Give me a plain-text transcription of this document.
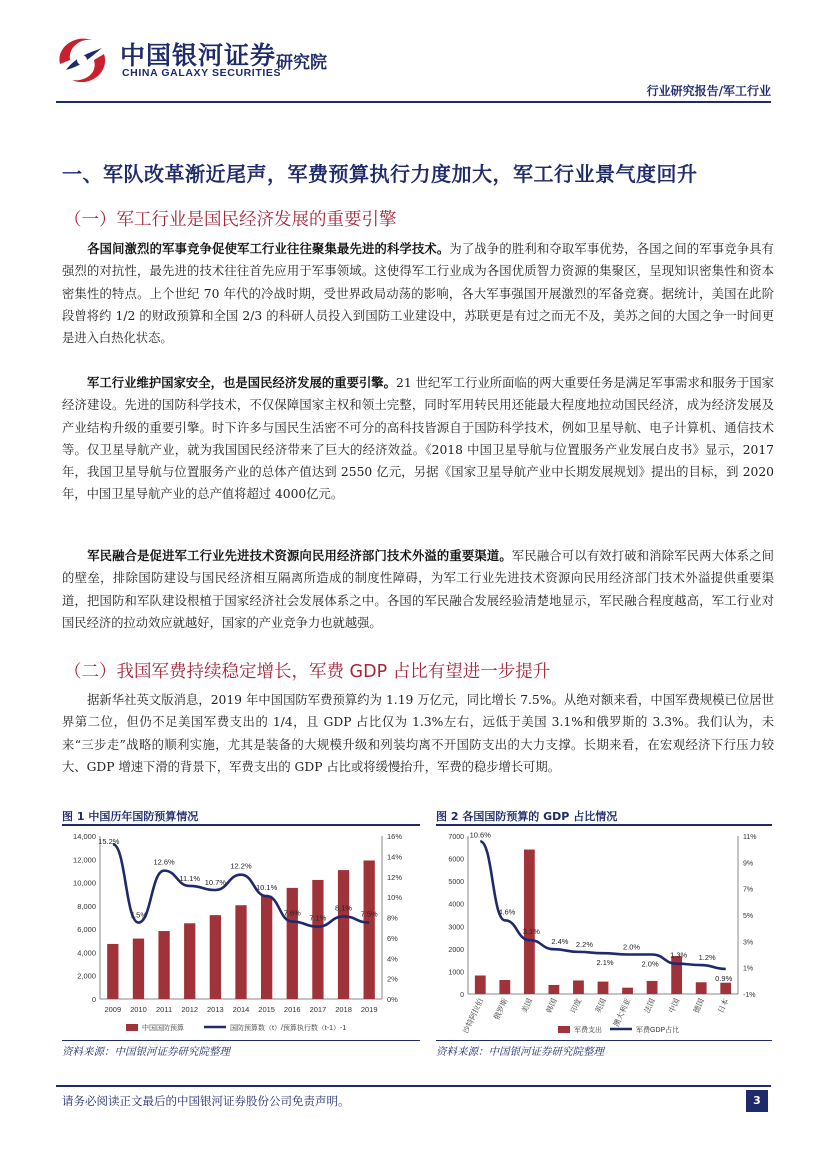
中国银河证券
CHINA GALAXY SECURITIES
研究院
行业研究报告/军工行业
一、军队改革渐近尾声，军费预算执行力度加大，军工行业景气度回升
（一）军工行业是国民经济发展的重要引擎
各国间激烈的军事竞争促使军工行业往往聚集最先进的科学技术。为了战争的胜利和夺取军事优势，各国之间的军事竞争具有强烈的对抗性，最先进的技术往往首先应用于军事领域。这使得军工行业成为各国优质智力资源的集聚区，呈现知识密集性和资本密集性的特点。上个世纪 70 年代的冷战时期，受世界政局动荡的影响，各大军事强国开展激烈的军备竞赛。据统计，美国在此阶段曾将约 1/2 的财政预算和全国 2/3 的科研人员投入到国防工业建设中，苏联更是有过之而无不及，美苏之间的大国之争一时间更是进入白热化状态。
军工行业维护国家安全，也是国民经济发展的重要引擎。21 世纪军工行业所面临的两大重要任务是满足军事需求和服务于国家经济建设。先进的国防科学技术，不仅保障国家主权和领土完整，同时军用转民用还能最大程度地拉动国民经济，成为经济发展及产业结构升级的重要引擎。时下许多与国民生活密不可分的高科技皆源自于国防科学技术，例如卫星导航、电子计算机、通信技术等。仅卫星导航产业，就为我国国民经济带来了巨大的经济效益。《2018 中国卫星导航与位置服务产业发展白皮书》显示，2017 年，我国卫星导航与位置服务产业的总体产值达到 2550 亿元，另据《国家卫星导航产业中长期发展规划》提出的目标，到 2020 年，中国卫星导航产业的总产值将超过 4000亿元。
军民融合是促进军工行业先进技术资源向民用经济部门技术外溢的重要渠道。军民融合可以有效打破和消除军民两大体系之间的壁垒，排除国防建设与国民经济相互隔离所造成的制度性障碍，为军工行业先进技术资源向民用经济部门技术外溢提供重要渠道，把国防和军队建设根植于国家经济社会发展体系之中。各国的军民融合发展经验清楚地显示，军民融合程度越高，军工行业对国民经济的拉动效应就越好，国家的产业竞争力也就越强。
（二）我国军费持续稳定增长，军费 GDP 占比有望进一步提升
据新华社英文版消息，2019 年中国国防军费预算约为 1.19 万亿元，同比增长 7.5%。从绝对额来看，中国军费规模已位居世界第二位，但仍不足美国军费支出的 1/4，且 GDP 占比仅为 1.3%左右，远低于美国 3.1%和俄罗斯的 3.3%。我们认为，未来“三步走”战略的顺利实施，尤其是装备的大规模升级和列装均离不开国防支出的大力支撑。长期来看，在宏观经济下行压力较大、GDP 增速下滑的背景下，军费支出的 GDP 占比或将缓慢抬升，军费的稳步增长可期。
图 1 中国历年国防预算情况
0
2,000
4,000
6,000
8,000
10,000
12,000
14,000
0%
2%
4%
6%
8%
10%
12%
14%
16%
2009 2010 2011 2012 2013 2014 2015 2016 2017 2018 2019
15.2%
7.5%
12.6%
11.1% 10.7%
12.2%
10.1%
7.6%
7.1%
8.1%
7.5%
中国国防预算	国防预算数（t）/预算执行数（t-1）-1
资料来源：中国银河证券研究院整理
图 2 各国国防预算的 GDP 占比情况
0
1000
2000
3000
4000
5000
6000
7000
-1%
1%
3%
5%
7%
9%
11%
沙特阿拉伯 俄罗斯 美国 韩国 印度 英国 澳大利亚 法国 中国 德国 日本
10.6%
4.6%
3.1%
2.4% 2.2%
2.1%
2.0%
2.0%
1.3% 1.2%
0.9%
军费支出	军费GDP占比
资料来源：中国银河证券研究院整理
请务必阅读正文最后的中国银河证券股份公司免责声明。	3
